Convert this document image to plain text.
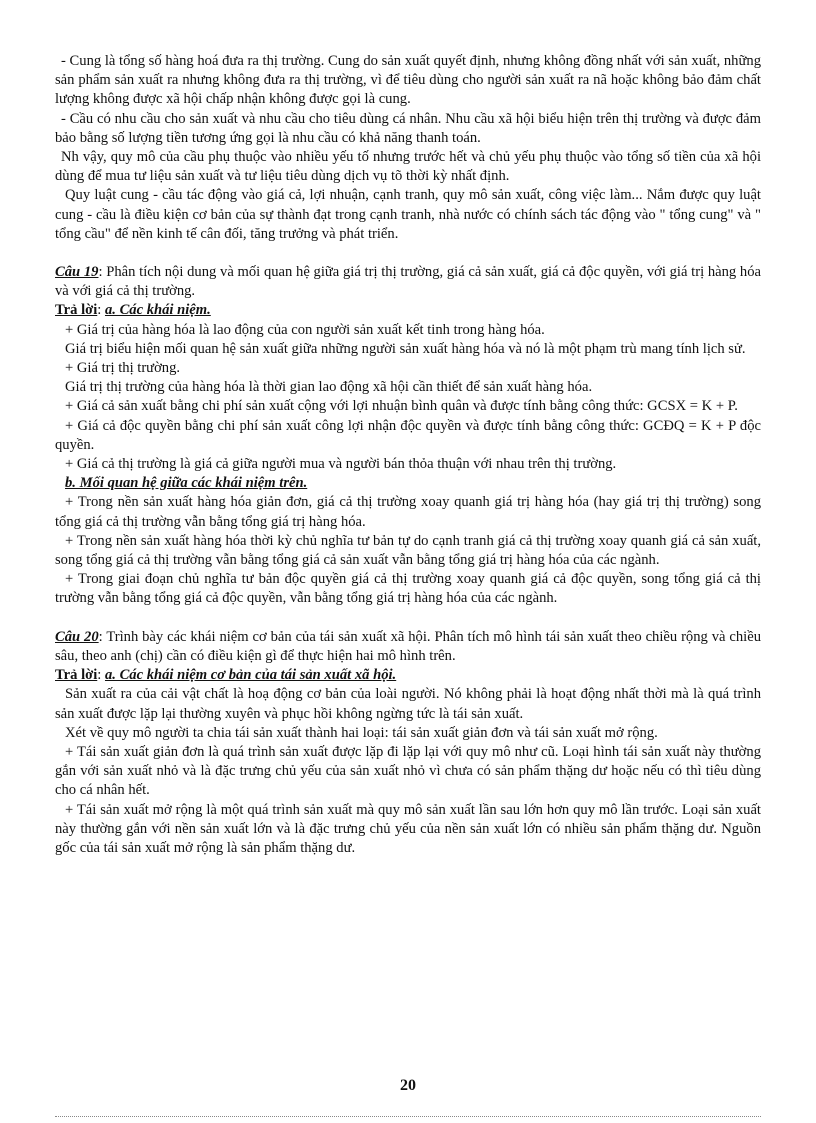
- Cung là tổng số hàng hoá đưa ra thị trường. Cung do sản xuất quyết định, nhưng không đồng nhất với sản xuất, những sản phẩm sản xuất ra nhưng không đưa ra thị trường, vì để tiêu dùng cho người sản xuất ra nã hoặc không bảo đảm chất lượng không được xã hội chấp nhận không được gọi là cung.

- Cầu có nhu cầu cho sản xuất và nhu cầu cho tiêu dùng cá nhân. Nhu cầu xã hội biểu hiện trên thị trường và được đảm bảo bằng số lượng tiền tương ứng gọi là nhu cầu có khả năng thanh toán.

Nh vậy, quy mô của cầu phụ thuộc vào nhiều yếu tố nhưng trước hết và chủ yếu phụ thuộc vào tổng số tiền của xã hội dùng để mua tư liệu sản xuất và tư liệu tiêu dùng dịch vụ tõ thời kỳ nhất định.

Quy luật cung - cầu tác động vào giá cả, lợi nhuận, cạnh tranh, quy mô sản xuất, công việc làm... Nắm được quy luật cung - cầu là điều kiện cơ bản của sự thành đạt trong cạnh tranh, nhà nước có chính sách tác động vào " tổng cung" và " tổng cầu" để nền kinh tế cân đối, tăng trưởng và phát triển.

Câu 19: Phân tích nội dung và mối quan hệ giữa giá trị thị trường, giá cả sản xuất, giá cả độc quyền, với giá trị hàng hóa và với giá cả thị trường.

Trả lời: a. Các khái niệm.

+ Giá trị của hàng hóa là lao động của con người sản xuất kết tinh trong hàng hóa.

Giá trị biểu hiện mối quan hệ sản xuất giữa những người sản xuất hàng hóa và nó là một phạm trù mang tính lịch sử.

+ Giá trị thị trường.

Giá trị thị trường của hàng hóa là thời gian lao động xã hội cần thiết để sản xuất hàng hóa.

+ Giá cả sản xuất bằng chi phí sản xuất cộng với lợi nhuận bình quân và được tính bằng công thức: GCSX = K + P.

+ Giá cả độc quyền bằng chi phí sản xuất công lợi nhận độc quyền và được tính bằng công thức: GCĐQ = K + P độc quyền.

+ Giá cả thị trường là giá cả giữa người mua và người bán thỏa thuận với nhau trên thị trường.

b. Mối quan hệ giữa các khái niệm trên.

+ Trong nền sản xuất hàng hóa giản đơn, giá cả thị trường xoay quanh giá trị hàng hóa (hay giá trị thị trường) song tổng giá cả thị trường vẫn bằng tổng giá trị hàng hóa.

+ Trong nền sản xuất hàng hóa thời kỳ chủ nghĩa tư bản tự do cạnh tranh giá cả thị trường xoay quanh giá cả sản xuất, song tổng giá cả thị trường vẫn bằng tổng giá cả sản xuất vẫn bằng tổng giá trị hàng hóa của các ngành.

+ Trong giai đoạn chủ nghĩa tư bản độc quyền giá cả thị trường xoay quanh giá cả độc quyền, song tổng giá cả thị trường vẫn bằng tổng giá cả độc quyền, vẫn bằng tổng giá trị hàng hóa của các ngành.

Câu 20: Trình bày các khái niệm cơ bản của tái sản xuất xã hội. Phân tích mô hình tái sản xuất theo chiều rộng và chiều sâu, theo anh (chị) cần có điều kiện gì để thực hiện hai mô hình trên.

Trả lời: a. Các khái niệm cơ bản của tái sản xuất xã hội.

Sản xuất ra của cải vật chất là hoạ động cơ bản của loài người. Nó không phải là hoạt động nhất thời mà là quá trình sản xuất được lặp lại thường xuyên và phục hồi không ngừng tức là tái sản xuất.

Xét về quy mô người ta chia tái sản xuất thành hai loại: tái sản xuất giản đơn và tái sản xuất mở rộng.

+ Tái sản xuất giản đơn là quá trình sản xuất được lặp đi lặp lại với quy mô như cũ. Loại hình tái sản xuất này thường gắn với sản xuất nhỏ và là đặc trưng chủ yếu của sản xuất nhỏ vì chưa có sản phẩm thặng dư hoặc nếu có thì tiêu dùng cho cá nhân hết.

+ Tái sản xuất mở rộng là một quá trình sản xuất mà quy mô sản xuất lần sau lớn hơn quy mô lần trước. Loại sản xuất này thường gắn với nền sản xuất lớn và là đặc trưng chủ yếu của nền sản xuất lớn có nhiều sản phẩm thặng dư. Nguồn gốc của tái sản xuất mở rộng là sản phẩm thặng dư.

20
